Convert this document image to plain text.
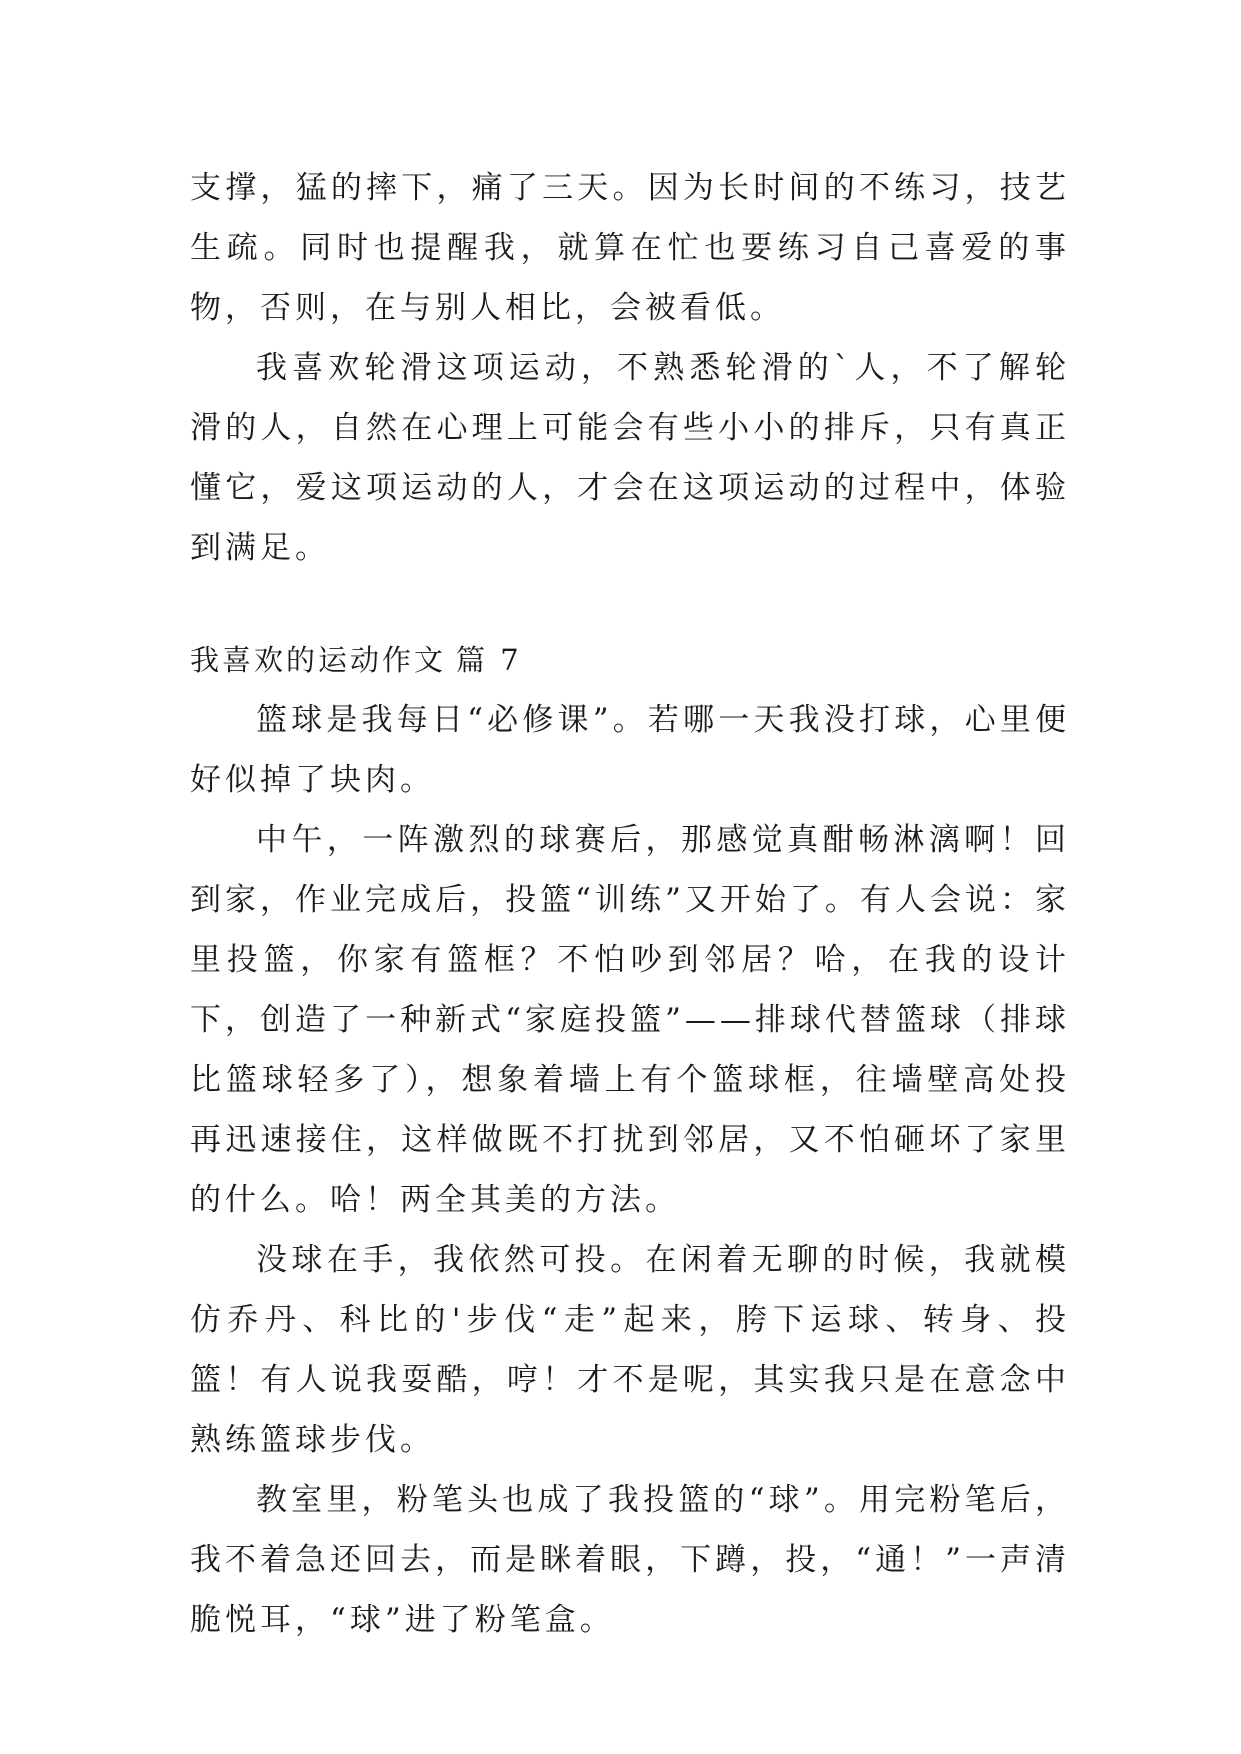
支撑，猛的摔下，痛了三天。因为长时间的不练习，技艺生疏。同时也提醒我，就算在忙也要练习自己喜爱的事物，否则，在与别人相比，会被看低。

我喜欢轮滑这项运动，不熟悉轮滑的`人，不了解轮滑的人，自然在心理上可能会有些小小的排斥，只有真正懂它，爱这项运动的人，才会在这项运动的过程中，体验到满足。

我喜欢的运动作文 篇 7

篮球是我每日“必修课”。若哪一天我没打球，心里便好似掉了块肉。

中午，一阵激烈的球赛后，那感觉真酣畅淋漓啊！回到家，作业完成后，投篮“训练”又开始了。有人会说：家里投篮，你家有篮框？不怕吵到邻居？哈，在我的设计下，创造了一种新式“家庭投篮”——排球代替篮球（排球比篮球轻多了），想象着墙上有个篮球框，往墙壁高处投再迅速接住，这样做既不打扰到邻居，又不怕砸坏了家里的什么。哈！两全其美的方法。

没球在手，我依然可投。在闲着无聊的时候，我就模仿乔丹、科比的'步伐“走”起来，胯下运球、转身、投篮！有人说我耍酷，哼！才不是呢，其实我只是在意念中熟练篮球步伐。

教室里，粉笔头也成了我投篮的“球”。用完粉笔后，我不着急还回去，而是眯着眼，下蹲，投，“通！”一声清脆悦耳，“球”进了粉笔盒。
